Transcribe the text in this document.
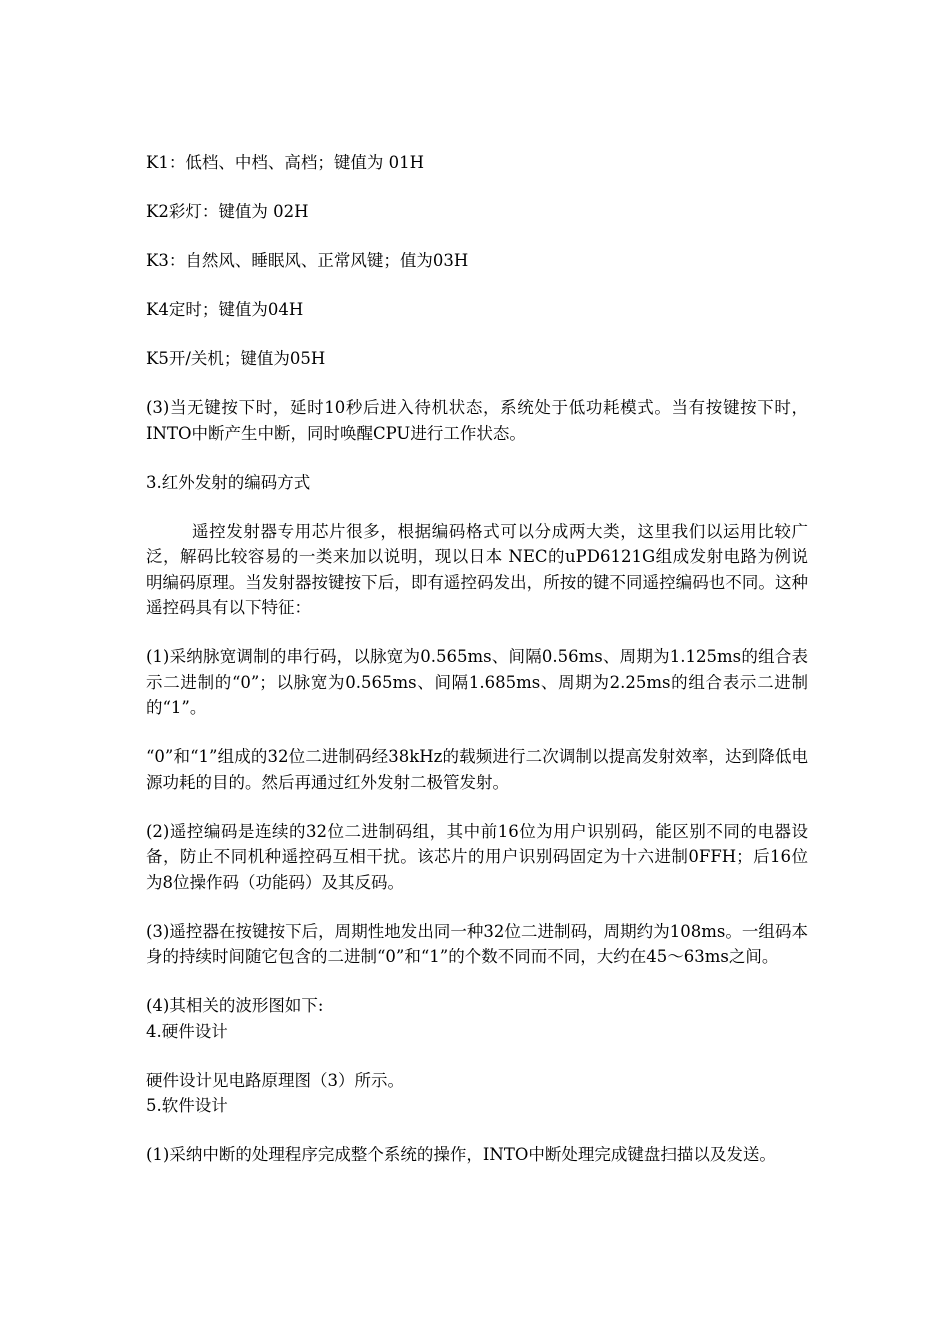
K1：低档、中档、高档；键值为 01H

K2彩灯：键值为 02H

K3：自然风、睡眠风、正常风键；值为03H

K4定时；键值为04H

K5开/关机；键值为05H

(3)当无键按下时，延时10秒后进入待机状态，系统处于低功耗模式。当有按键按下时，INTO中断产生中断，同时唤醒CPU进行工作状态。

3.红外发射的编码方式

遥控发射器专用芯片很多，根据编码格式可以分成两大类，这里我们以运用比较广泛，解码比较容易的一类来加以说明，现以日本 NEC的uPD6121G组成发射电路为例说明编码原理。当发射器按键按下后，即有遥控码发出，所按的键不同遥控编码也不同。这种遥控码具有以下特征：

(1)采纳脉宽调制的串行码，以脉宽为0.565ms、间隔0.56ms、周期为1.125ms的组合表示二进制的“0”；以脉宽为0.565ms、间隔1.685ms、周期为2.25ms的组合表示二进制的“1”。

“0”和“1”组成的32位二进制码经38kHz的载频进行二次调制以提高发射效率，达到降低电源功耗的目的。然后再通过红外发射二极管发射。

(2)遥控编码是连续的32位二进制码组，其中前16位为用户识别码，能区别不同的电器设备，防止不同机种遥控码互相干扰。该芯片的用户识别码固定为十六进制0FFH；后16位为8位操作码（功能码）及其反码。

(3)遥控器在按键按下后，周期性地发出同一种32位二进制码，周期约为108ms。一组码本身的持续时间随它包含的二进制“0”和“1”的个数不同而不同，大约在45～63ms之间。

(4)其相关的波形图如下:

4.硬件设计

硬件设计见电路原理图（3）所示。

5.软件设计

(1)采纳中断的处理程序完成整个系统的操作，INTO中断处理完成键盘扫描以及发送。
